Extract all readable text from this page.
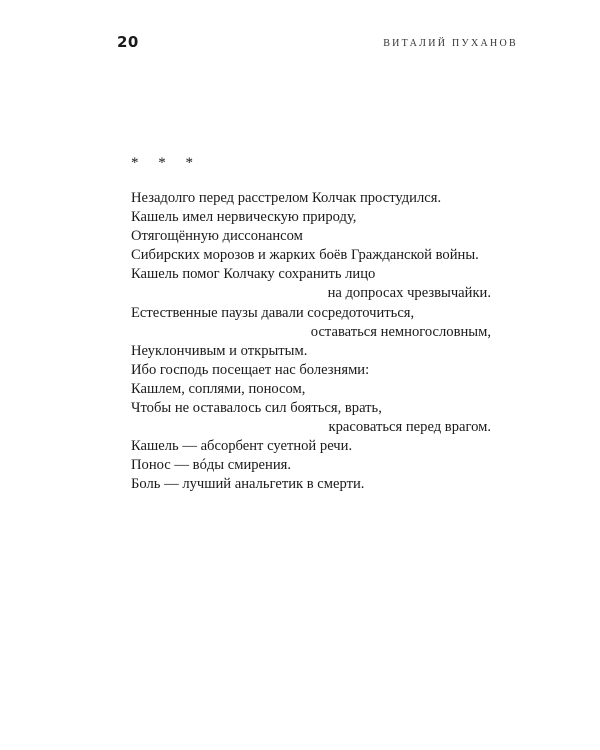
20	ВИТАЛИЙ ПУХАНОВ
* * *
Незадолго перед расстрелом Колчак простудился.
Кашель имел нервическую природу,
Отягощённую диссонансом
Сибирских морозов и жарких боёв Гражданской войны.
Кашель помог Колчаку сохранить лицо
на допросах чрезвычайки.
Естественные паузы давали сосредоточиться,
оставаться немногословным,
Неуклончивым и открытым.
Ибо господь посещает нас болезнями:
Кашлем, соплями, поносом,
Чтобы не оставалось сил бояться, врать,
красоваться перед врагом.
Кашель — абсорбент суетной речи.
Понос — вóды смирения.
Боль — лучший анальгетик в смерти.
